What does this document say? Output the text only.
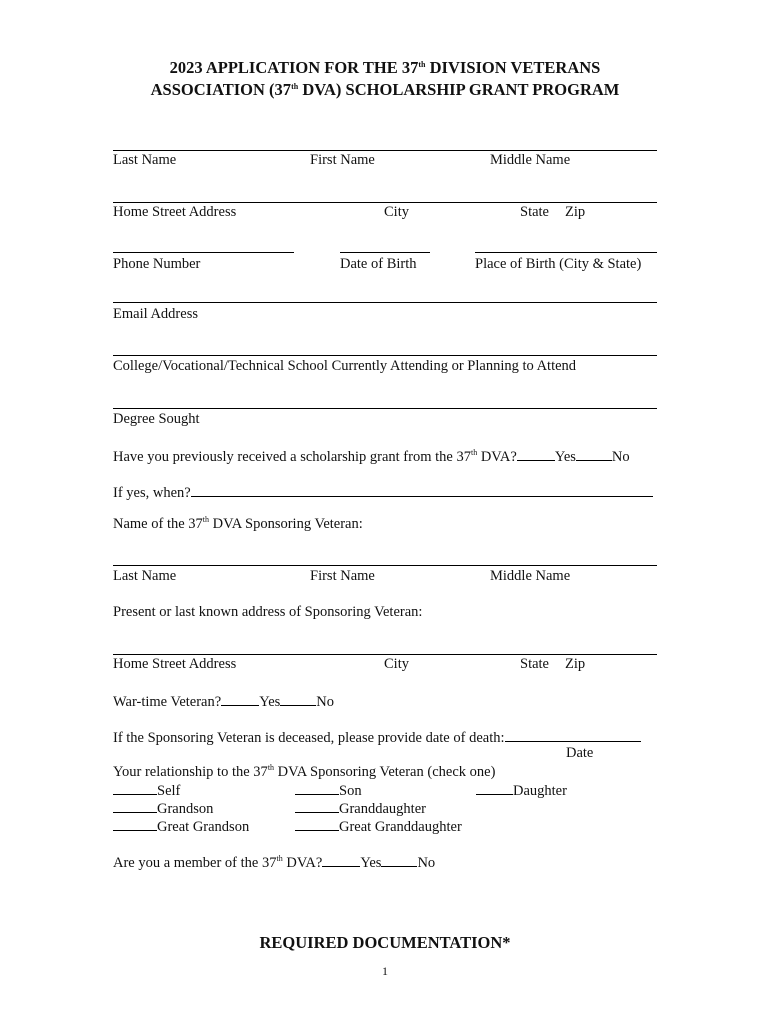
2023 APPLICATION FOR THE 37th DIVISION VETERANS
ASSOCIATION (37th DVA) SCHOLARSHIP GRANT PROGRAM
Last Name	First Name	Middle Name
Home Street Address	City	State Zip
Phone Number	Date of Birth	Place of Birth (City & State)
Email Address
College/Vocational/Technical School Currently Attending or Planning to Attend
Degree Sought
Have you previously received a scholarship grant from the 37th DVA?	Yes No
If yes, when?
Name of the 37th DVA Sponsoring Veteran:
Last Name	First Name	Middle Name
Present or last known address of Sponsoring Veteran:
Home Street Address	City	State Zip
War-time Veteran?	Yes No
If the Sponsoring Veteran is deceased, please provide date of death:
Date
Your relationship to the 37th DVA Sponsoring Veteran (check one)
Self	Son	Daughter
Grandson	Granddaughter
Great Grandson	Great Granddaughter
Are you a member of the 37th DVA?	Yes No
REQUIRED DOCUMENTATION*
1
